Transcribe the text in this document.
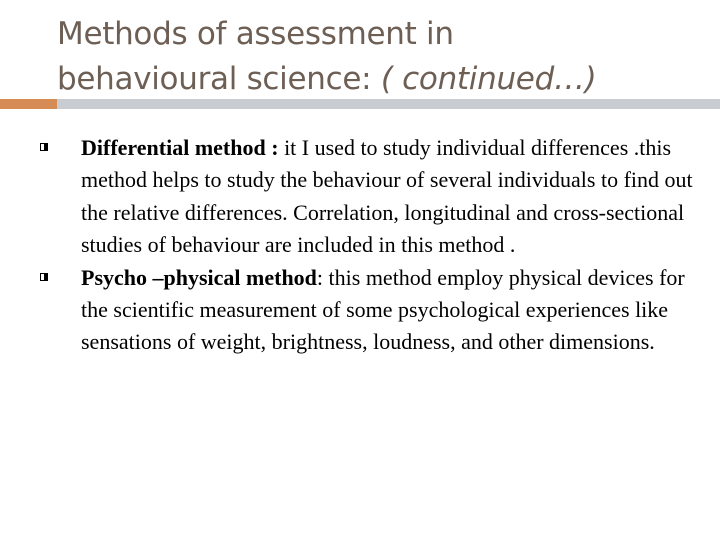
Methods of assessment in
behavioural science: ( continued…)
Differential method : it I used to study individual differences .this method helps to study the behaviour of several individuals to find out the relative differences. Correlation, longitudinal and cross-sectional studies of behaviour are included in this method .
Psycho –physical method: this method employ physical devices for the scientific measurement of some psychological experiences like sensations of weight, brightness, loudness, and other dimensions.
